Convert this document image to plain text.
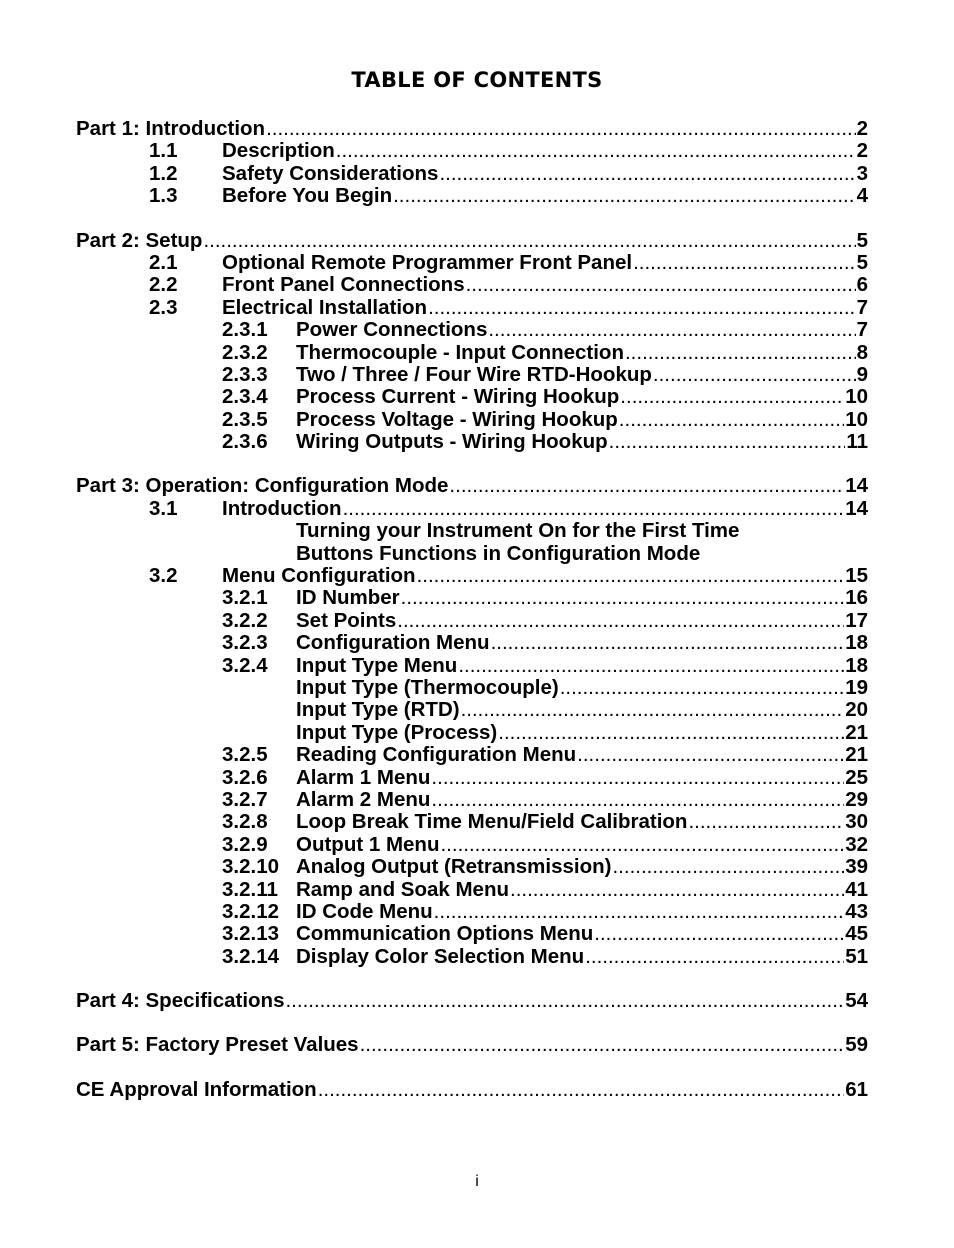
TABLE OF CONTENTS
Part 1: Introduction .....	2
1.1	Description .....	2
1.2	Safety Considerations .....	3
1.3	Before You Begin .....	4
Part 2: Setup .....	5
2.1	Optional Remote Programmer Front Panel .....	5
2.2	Front Panel Connections .....	6
2.3	Electrical Installation .....	7
2.3.1	Power Connections .....	7
2.3.2	Thermocouple - Input Connection .....	8
2.3.3	Two / Three / Four Wire RTD-Hookup .....	9
2.3.4	Process Current - Wiring Hookup .....	10
2.3.5	Process Voltage - Wiring Hookup .....	10
2.3.6	Wiring Outputs - Wiring Hookup .....	11
Part 3: Operation: Configuration Mode .....	14
3.1	Introduction .....	14
Turning your Instrument On for the First Time
Buttons Functions in Configuration Mode
3.2	Menu Configuration .....	15
3.2.1	ID Number .....	16
3.2.2	Set Points .....	17
3.2.3	Configuration Menu .....	18
3.2.4	Input Type Menu .....	18
Input Type (Thermocouple) .....	19
Input Type (RTD) .....	20
Input Type (Process) .....	21
3.2.5	Reading Configuration Menu .....	21
3.2.6	Alarm 1 Menu .....	25
3.2.7	Alarm 2 Menu .....	29
3.2.8	Loop Break Time Menu/Field Calibration .....	30
3.2.9	Output 1 Menu .....	32
3.2.10 Analog Output (Retransmission) .....	39
3.2.11 Ramp and Soak Menu .....	41
3.2.12 ID Code Menu .....	43
3.2.13 Communication Options Menu .....	45
3.2.14 Display Color Selection Menu .....	51
Part 4: Specifications .....	54
Part 5: Factory Preset Values .....	59
CE Approval Information .....	61
i
